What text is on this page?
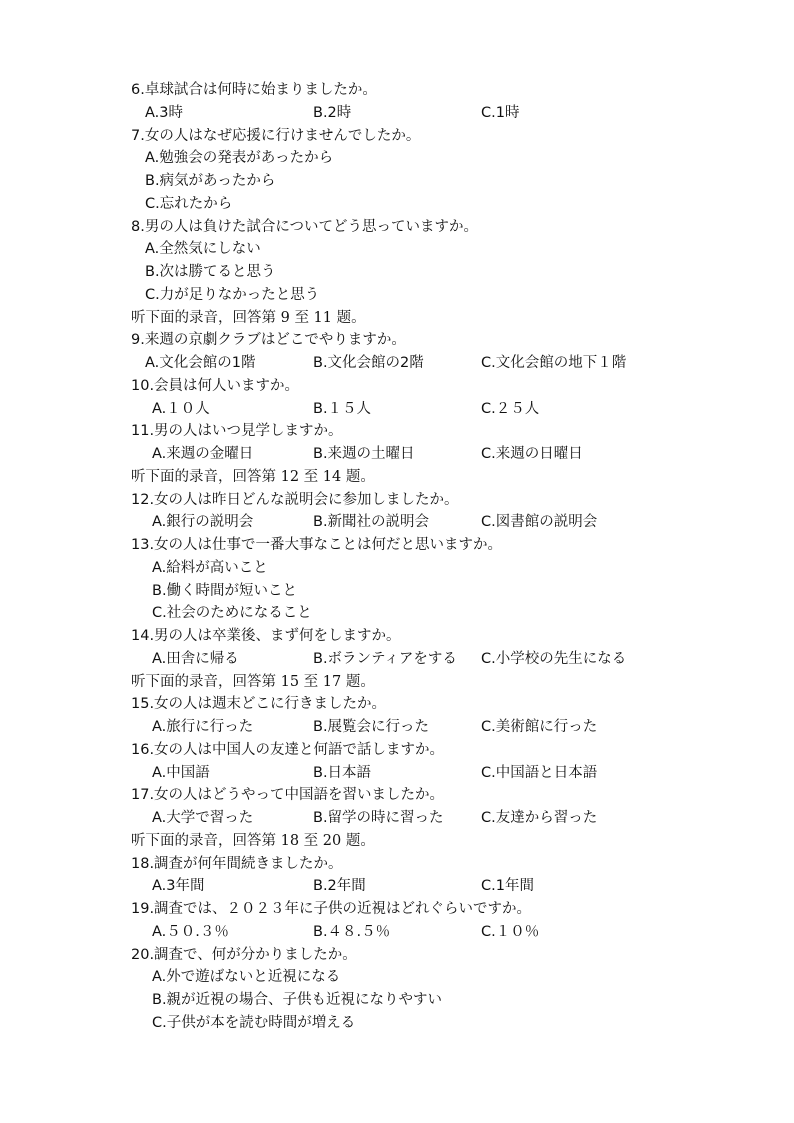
6.卓球試合は何時に始まりましたか。
A.3時	B.2時	C.1時
7.女の人はなぜ応援に行けませんでしたか。
A.勉強会の発表があったから
B.病気があったから
C.忘れたから
8.男の人は負けた試合についてどう思っていますか。
A.全然気にしない
B.次は勝てると思う
C.力が足りなかったと思う
听下面的录音，回答第 9 至 11 题。
9.来週の京劇クラブはどこでやりますか。
A.文化会館の1階	B.文化会館の2階	C.文化会館の地下１階
10.会員は何人いますか。
A.１０人	B.１５人	C.２５人
11.男の人はいつ見学しますか。
A.来週の金曜日	B.来週の土曜日	C.来週の日曜日
听下面的录音，回答第 12 至 14 题。
12.女の人は昨日どんな説明会に参加しましたか。
A.銀行の説明会	B.新聞社の説明会	C.図書館の説明会
13.女の人は仕事で一番大事なことは何だと思いますか。
A.給料が高いこと
B.働く時間が短いこと
C.社会のためになること
14.男の人は卒業後、まず何をしますか。
A.田舎に帰る	B.ボランティアをする C.小学校の先生になる
听下面的录音，回答第 15 至 17 题。
15.女の人は週末どこに行きましたか。
A.旅行に行った	B.展覧会に行った	C.美術館に行った
16.女の人は中国人の友達と何語で話しますか。
A.中国語	B.日本語	C.中国語と日本語
17.女の人はどうやって中国語を習いましたか。
A.大学で習った	B.留学の時に習った	C.友達から習った
听下面的录音，回答第 18 至 20 题。
18.調査が何年間続きましたか。
A.3年間	B.2年間	C.1年間
19.調査では、２０２３年に子供の近視はどれぐらいですか。
A.５０.３％	B.４８.５％	C.１０％
20.調査で、何が分かりましたか。
A.外で遊ばないと近視になる
B.親が近視の場合、子供も近視になりやすい
C.子供が本を読む時間が増える
